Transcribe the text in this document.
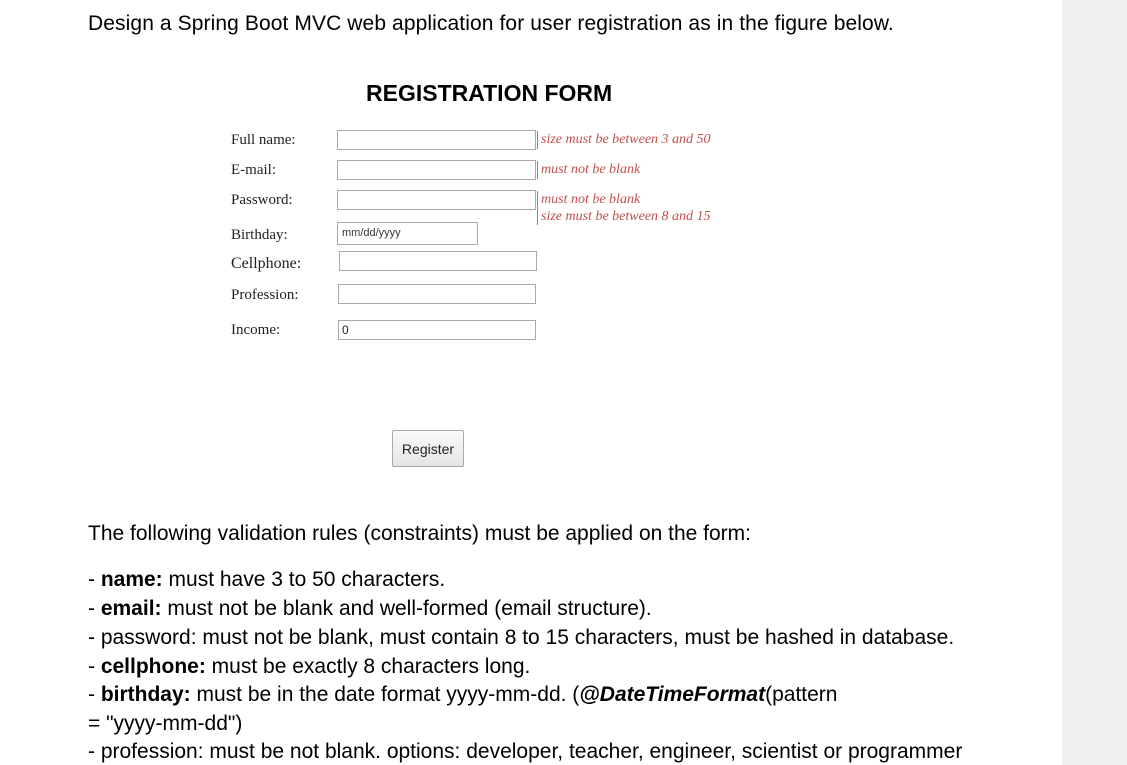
Design a Spring Boot MVC web application for user registration as in the figure below.
REGISTRATION FORM
Full name:
E-mail:
Password:
Birthday:
Cellphone:
Profession:
Income:
mm/dd/yyyy
0
size must be between 3 and 50
must not be blank
must not be blank
size must be between 8 and 15
Register
The following validation rules (constraints) must be applied on the form:
- name: must have 3 to 50 characters.
- email: must not be blank and well-formed (email structure).
- password: must not be blank, must contain 8 to 15 characters, must be hashed in database.
- cellphone: must be exactly 8 characters long.
- birthday: must be in the date format yyyy-mm-dd. (@DateTimeFormat(pattern
= "yyyy-mm-dd")
- profession: must be not blank. options: developer, teacher, engineer, scientist or programmer
